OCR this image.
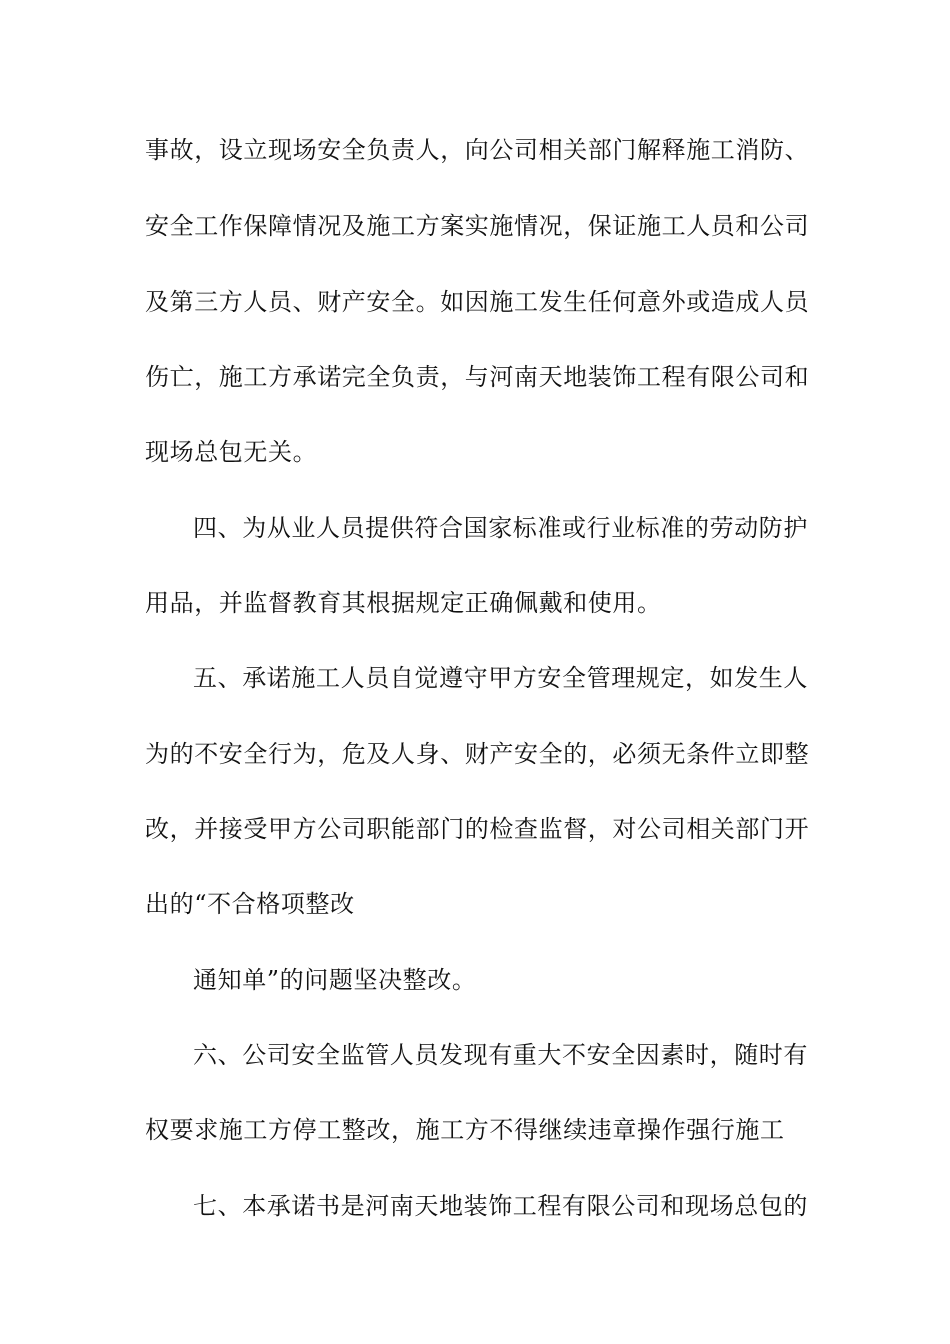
事故，设立现场安全负责人，向公司相关部门解释施工消防、
安全工作保障情况及施工方案实施情况，保证施工人员和公司
及第三方人员、财产安全。如因施工发生任何意外或造成人员
伤亡，施工方承诺完全负责，与河南天地装饰工程有限公司和
现场总包无关。
四、为从业人员提供符合国家标准或行业标准的劳动防护
用品，并监督教育其根据规定正确佩戴和使用。
五、承诺施工人员自觉遵守甲方安全管理规定，如发生人
为的不安全行为，危及人身、财产安全的，必须无条件立即整
改，并接受甲方公司职能部门的检查监督，对公司相关部门开
出的“不合格项整改
通知单”的问题坚决整改。
六、公司安全监管人员发现有重大不安全因素时，随时有
权要求施工方停工整改，施工方不得继续违章操作强行施工
七、本承诺书是河南天地装饰工程有限公司和现场总包的
